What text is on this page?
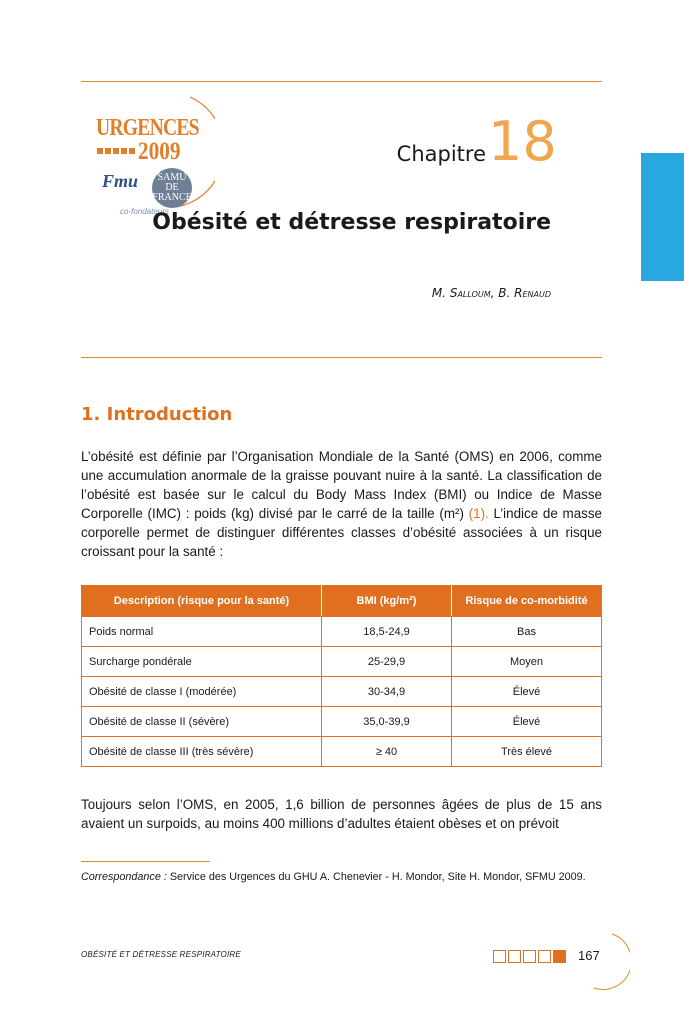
URGENCES
2009
Fmu	SAMU DE FRANCE
co-fondateurs
Chapitre 18
Obésité et détresse respiratoire
M. Salloum, B. Renaud
1. Introduction
L’obésité est définie par l’Organisation Mondiale de la Santé (OMS) en 2006, comme une accumulation anormale de la graisse pouvant nuire à la santé. La classification de l’obésité est basée sur le calcul du Body Mass Index (BMI) ou Indice de Masse Corporelle (IMC) : poids (kg) divisé par le carré de la taille (m²) (1). L’indice de masse corporelle permet de distinguer différentes classes d’obésité associées à un risque croissant pour la santé :
Description (risque pour la santé)	BMI (kg/m²)	Risque de co-morbidité
Poids normal	18,5-24,9	Bas
Surcharge pondérale	25-29,9	Moyen
Obésité de classe I (modérée)	30-34,9	Élevé
Obésité de classe II (sévère)	35,0-39,9	Élevé
Obésité de classe III (très sévère)	≥ 40	Très élevé
Toujours selon l’OMS, en 2005, 1,6 billion de personnes âgées de plus de 15 ans avaient un surpoids, au moins 400 millions d’adultes étaient obèses et on prévoit
Correspondance : Service des Urgences du GHU A. Chenevier - H. Mondor, Site H. Mondor, SFMU 2009.
OBÉSITÉ ET DÉTRESSE RESPIRATOIRE	167
